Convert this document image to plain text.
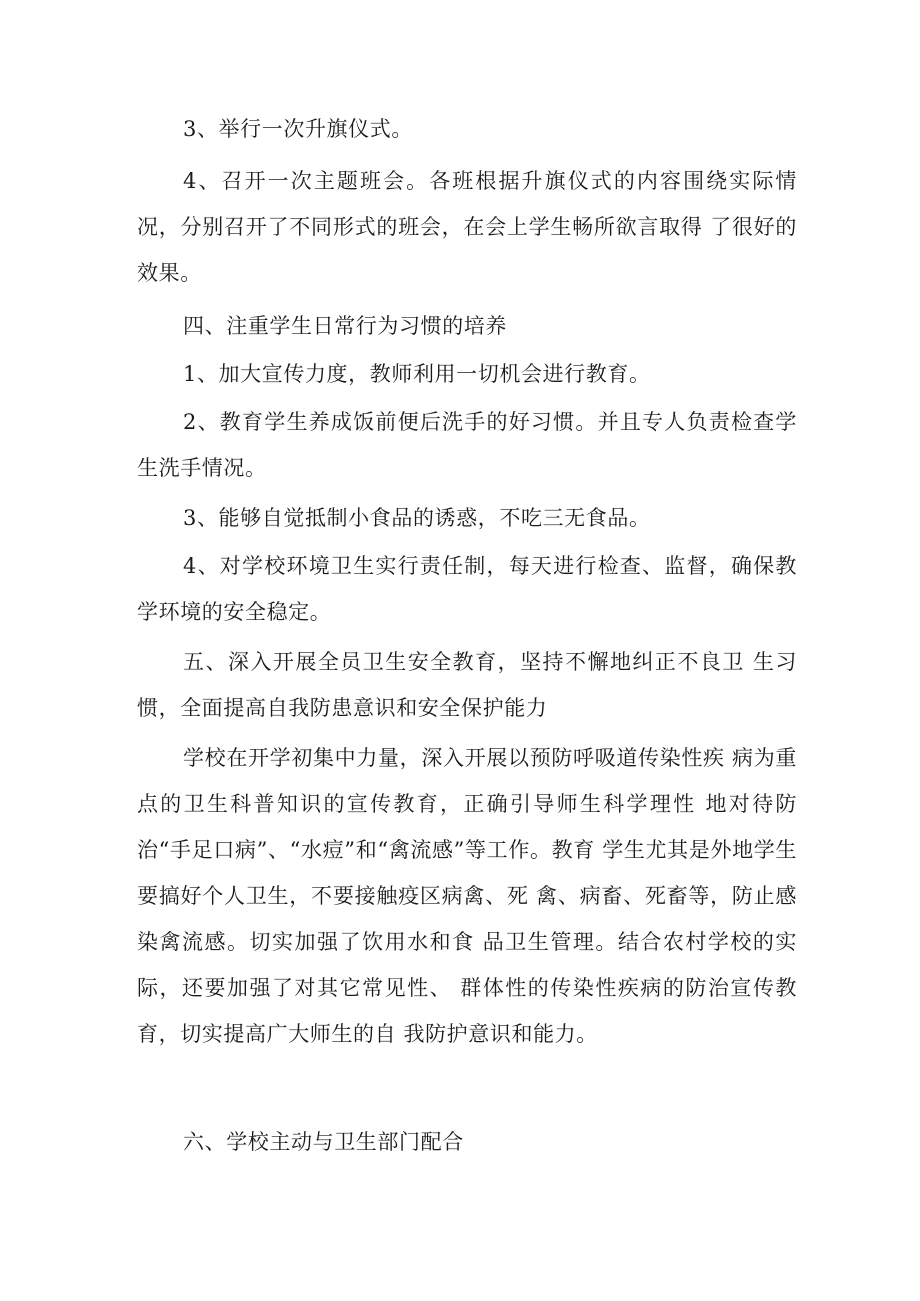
3、举行一次升旗仪式。

4、召开一次主题班会。各班根据升旗仪式的内容围绕实际情况，分别召开了不同形式的班会，在会上学生畅所欲言取得 了很好的效果。

四、注重学生日常行为习惯的培养

1、加大宣传力度，教师利用一切机会进行教育。

2、教育学生养成饭前便后洗手的好习惯。并且专人负责检查学生洗手情况。

3、能够自觉抵制小食品的诱惑，不吃三无食品。

4、对学校环境卫生实行责任制，每天进行检查、监督，确保教学环境的安全稳定。

五、深入开展全员卫生安全教育，坚持不懈地纠正不良卫 生习惯，全面提高自我防患意识和安全保护能力

学校在开学初集中力量，深入开展以预防呼吸道传染性疾 病为重点的卫生科普知识的宣传教育，正确引导师生科学理性 地对待防治“手足口病”、“水痘”和“禽流感”等工作。教育 学生尤其是外地学生要搞好个人卫生，不要接触疫区病禽、死 禽、病畜、死畜等，防止感染禽流感。切实加强了饮用水和食 品卫生管理。结合农村学校的实际，还要加强了对其它常见性、 群体性的传染性疾病的防治宣传教育，切实提高广大师生的自 我防护意识和能力。

六、学校主动与卫生部门配合
